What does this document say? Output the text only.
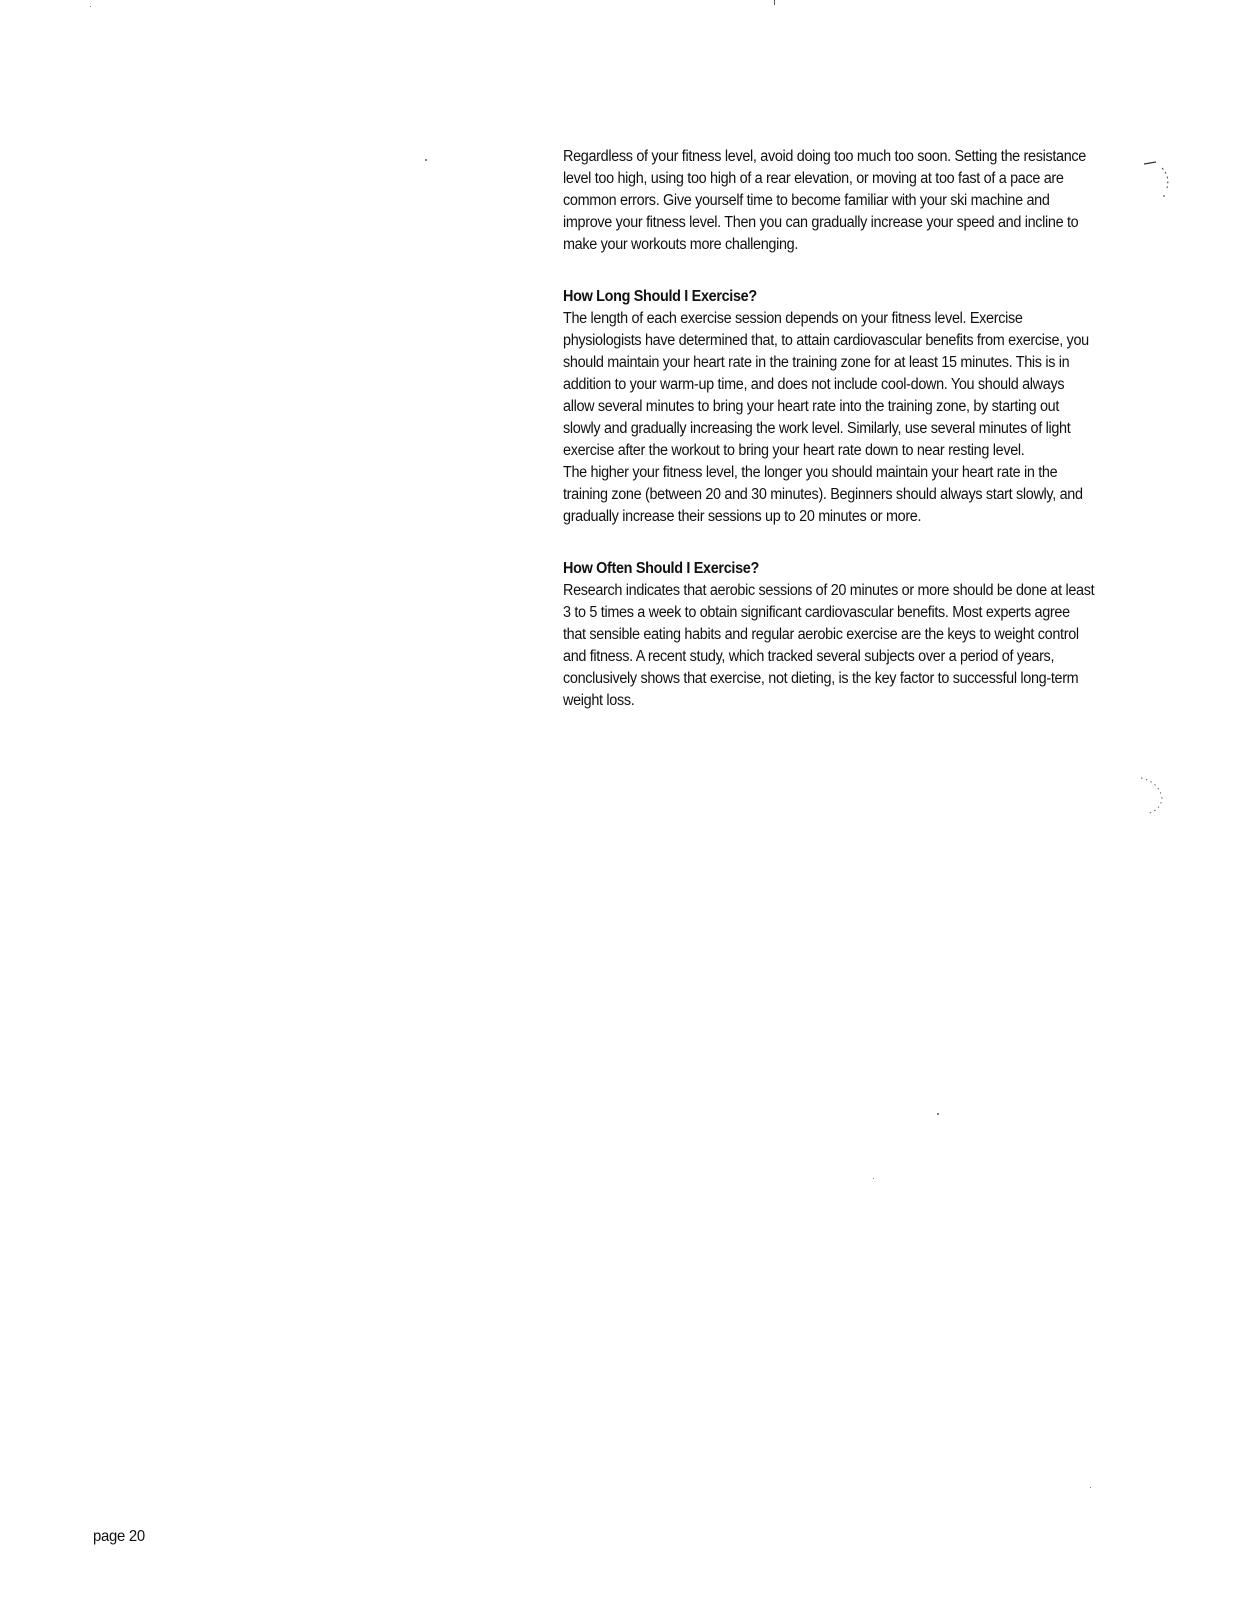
Regardless of your fitness level, avoid doing too much too soon. Setting the resistance level too high, using too high of a rear elevation, or moving at too fast of a pace are common errors. Give yourself time to become familiar with your ski machine and improve your fitness level. Then you can gradually increase your speed and incline to make your workouts more challenging.

How Long Should I Exercise?

The length of each exercise session depends on your fitness level. Exercise physiologists have determined that, to attain cardiovascular benefits from exercise, you should maintain your heart rate in the training zone for at least 15 minutes. This is in addition to your warm-up time, and does not include cool-down. You should always allow several minutes to bring your heart rate into the training zone, by starting out slowly and gradually increasing the work level. Similarly, use several minutes of light exercise after the workout to bring your heart rate down to near resting level.

The higher your fitness level, the longer you should maintain your heart rate in the training zone (between 20 and 30 minutes). Beginners should always start slowly, and gradually increase their sessions up to 20 minutes or more.

How Often Should I Exercise?

Research indicates that aerobic sessions of 20 minutes or more should be done at least 3 to 5 times a week to obtain significant cardiovascular benefits. Most experts agree that sensible eating habits and regular aerobic exercise are the keys to weight control and fitness. A recent study, which tracked several subjects over a period of years, conclusively shows that exercise, not dieting, is the key factor to successful long-term weight loss.

page 20
